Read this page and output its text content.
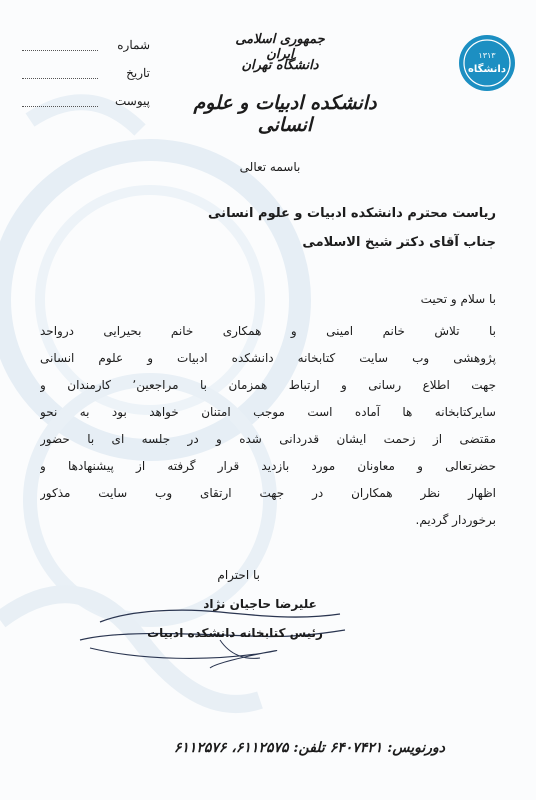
۱۳۱۳
دانشگاه
جمهوری اسلامی ایران
دانشگاه تهران
دانشکده ادبیات و علوم انسانی
شماره
تاریخ
پیوست
باسمه تعالی
ریاست محترم دانشکده ادبیات و علوم انسانی
جناب آقای دکتر شیخ الاسلامی
با سلام و تحیت
با تلاش خانم امینی و همکاری خانم بحیرایی درواحد
پژوهشی وب سایت کتابخانه دانشکده ادبیات و علوم انسانی
جهت اطلاع رسانی و ارتباط همزمان با مراجعین٬ کارمندان و
سایرکتابخانه ها آماده است موجب امتنان خواهد بود به نحو
مقتضی از زحمت ایشان قدردانی شده و در جلسه ای با حضور
حضرتعالی و معاونان مورد بازدید قرار گرفته از پیشنهادها و
اظهار نظر همکاران در جهت ارتقای وب سایت مذکور
برخوردار گردیم.
با احترام
علیرضا حاجیان نژاد
رئیس کتابخانه دانشکده ادبیات
دورنویس: ۶۴۰۷۴۲۱ تلفن: ۶۱۱۲۵۷۵، ۶۱۱۲۵۷۶
